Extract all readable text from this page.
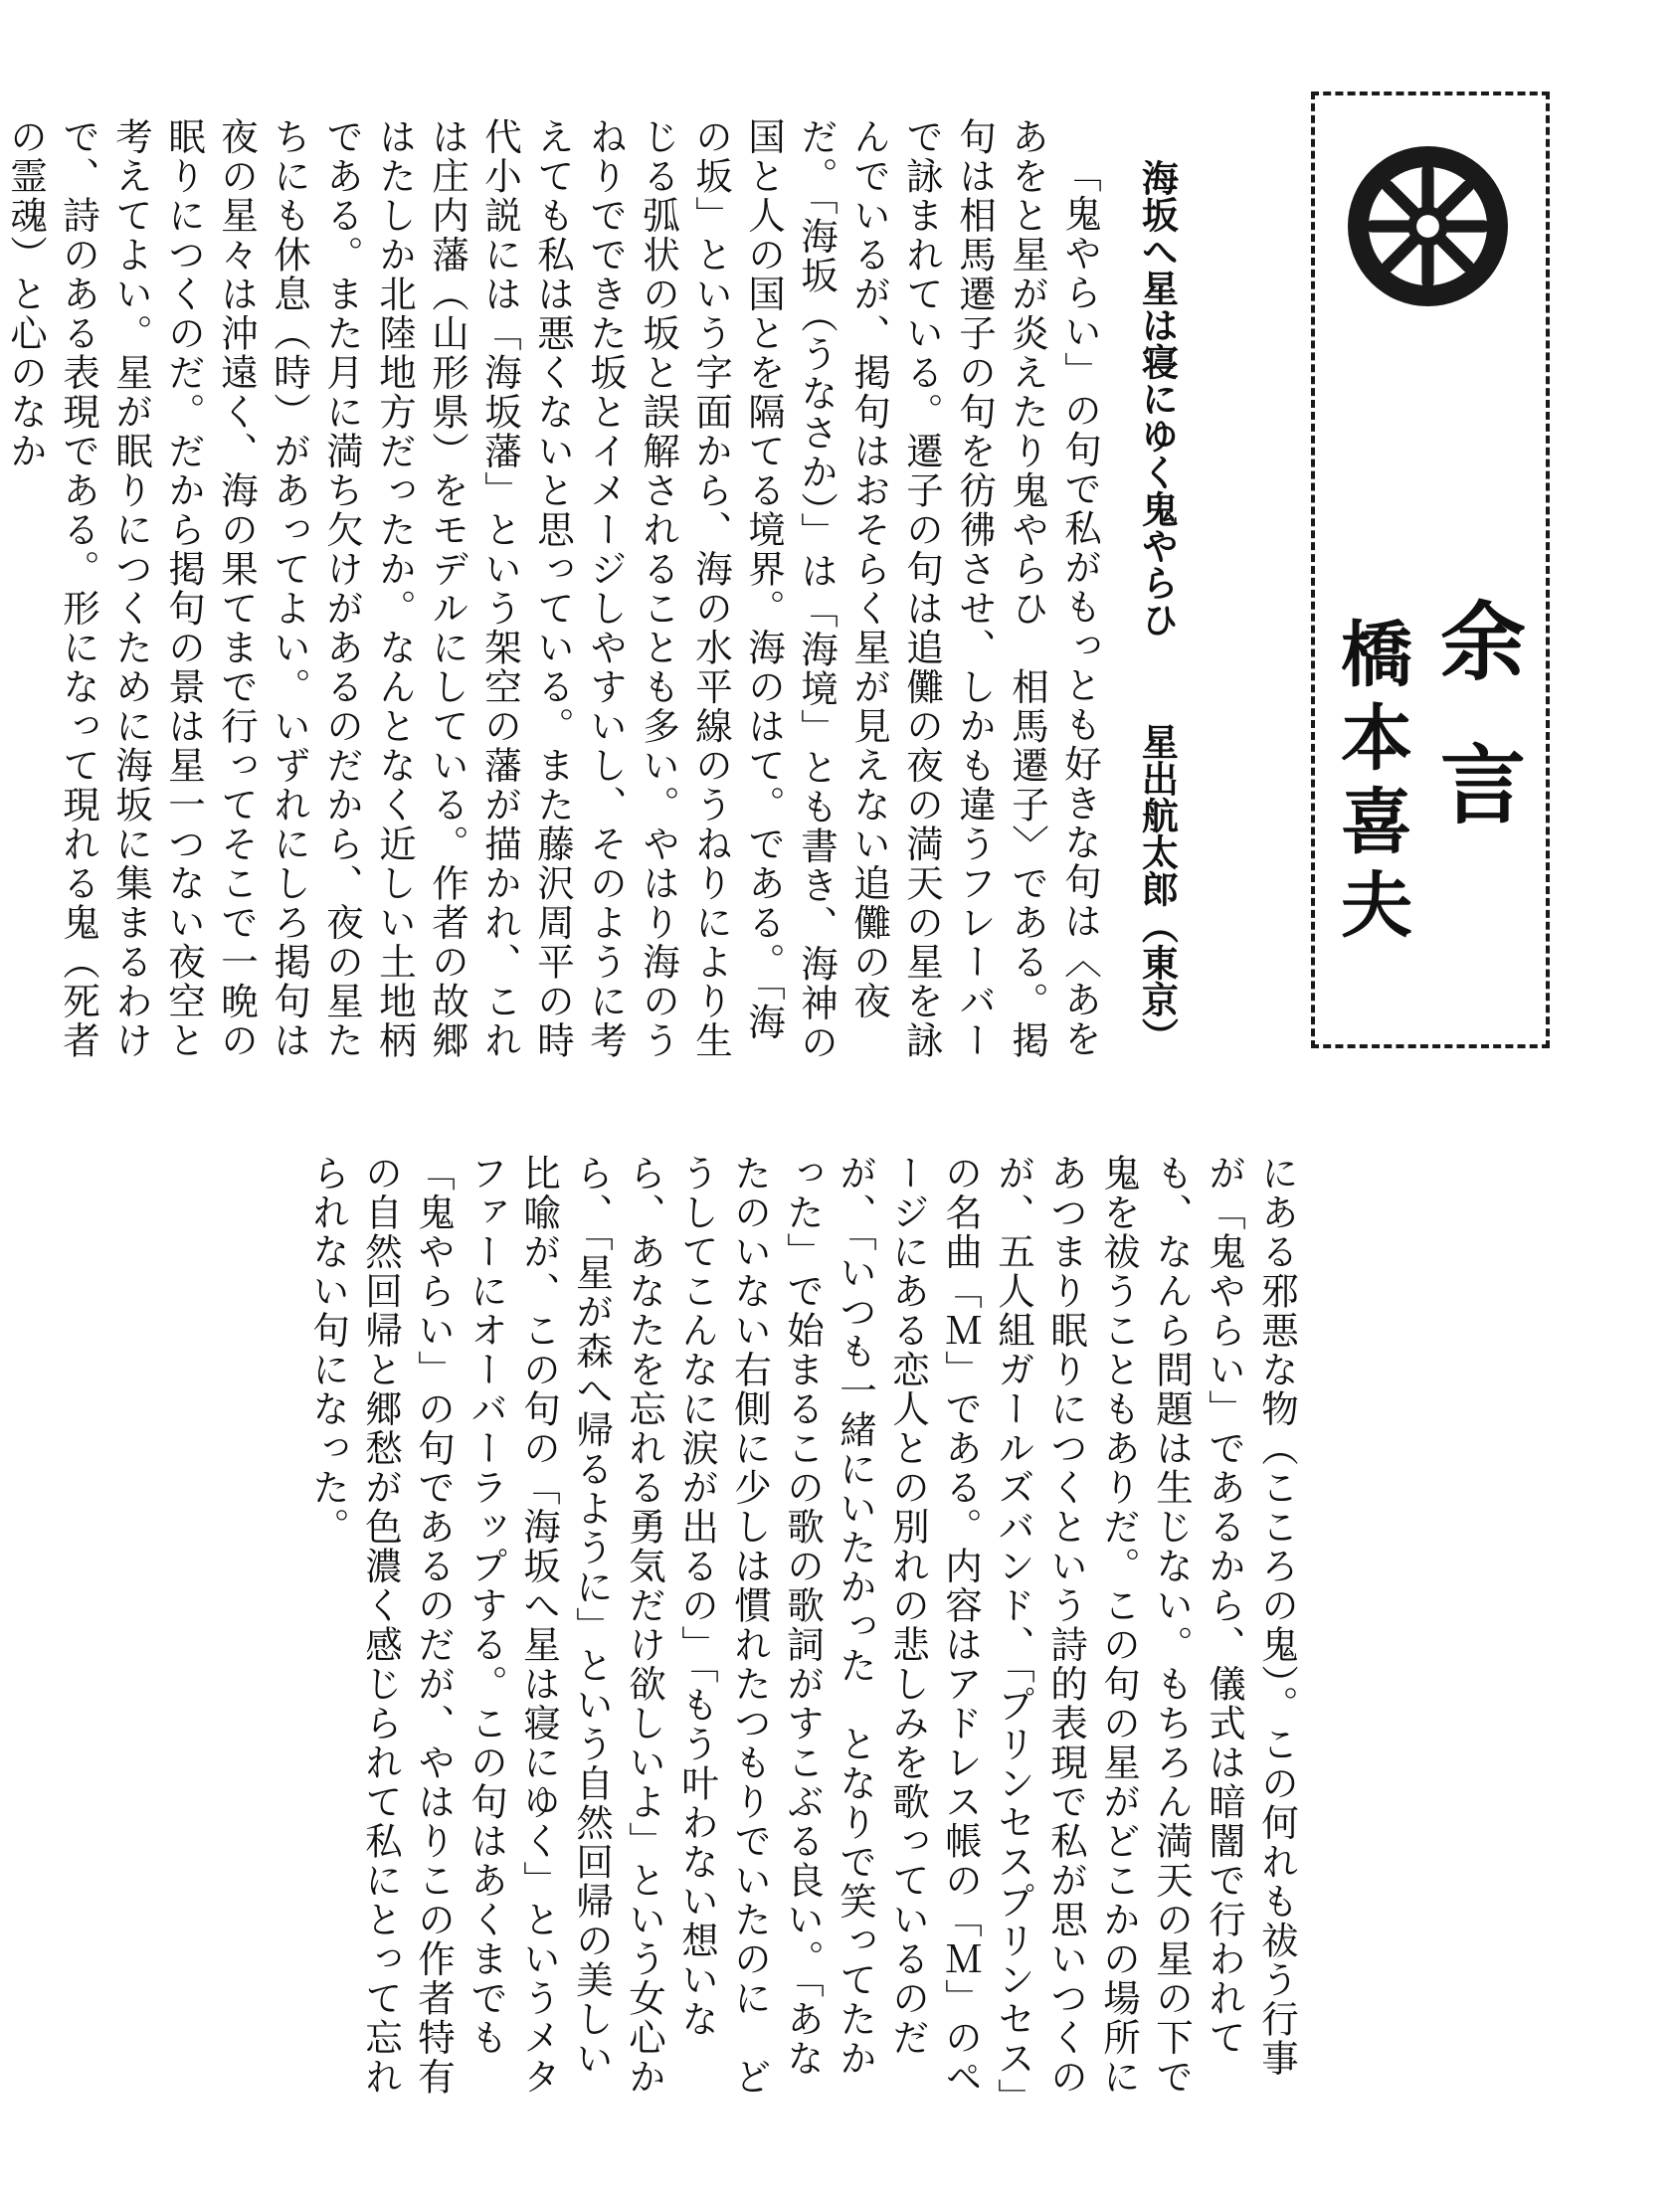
余言
橋本喜夫
海坂へ星は寝にゆく鬼やらひ
星出航太郎（東京）

「鬼やらい」の句で私がもっとも好きな句は〈あをあをと星が炎えたり鬼やらひ　相馬遷子〉である。掲句は相馬遷子の句を彷彿させ、しかも違うフレーバーで詠まれている。遷子の句は追儺の夜の満天の星を詠んでいるが、掲句はおそらく星が見えない追儺の夜だ。「海坂（うなさか）」は「海境」とも書き、海神の国と人の国とを隔てる境界。海のはて。である。「海の坂」という字面から、海の水平線のうねりにより生じる弧状の坂と誤解されることも多い。やはり海のうねりでできた坂とイメージしやすいし、そのように考えても私は悪くないと思っている。また藤沢周平の時代小説には「海坂藩」という架空の藩が描かれ、これは庄内藩（山形県）をモデルにしている。作者の故郷はたしか北陸地方だったか。なんとなく近しい土地柄である。また月に満ち欠けがあるのだから、夜の星たちにも休息（時）があってよい。いずれにしろ掲句は夜の星々は沖遠く、海の果てまで行ってそこで一晩の眠りにつくのだ。だから掲句の景は星一つない夜空と考えてよい。星が眠りにつくために海坂に集まるわけで、詩のある表現である。形になって現れる鬼（死者の霊魂）と心のなか

にある邪悪な物（こころの鬼）。この何れも祓う行事が「鬼やらい」であるから、儀式は暗闇で行われても、なんら問題は生じない。もちろん満天の星の下で鬼を祓うこともありだ。この句の星がどこかの場所にあつまり眠りにつくという詩的表現で私が思いつくのが、五人組ガールズバンド、「プリンセスプリンセス」の名曲「Ｍ」である。内容はアドレス帳の「Ｍ」のページにある恋人との別れの悲しみを歌っているのだが、「いつも一緒にいたかった　となりで笑ってたかった」で始まるこの歌の歌詞がすこぶる良い。「あなたのいない右側に少しは慣れたつもりでいたのに　どうしてこんなに涙が出るの」「もう叶わない想いなら、あなたを忘れる勇気だけ欲しいよ」という女心から、「星が森へ帰るように」という自然回帰の美しい比喩が、この句の「海坂へ星は寝にゆく」というメタファーにオーバーラップする。この句はあくまでも「鬼やらい」の句であるのだが、やはりこの作者特有の自然回帰と郷愁が色濃く感じられて私にとって忘れられない句になった。
